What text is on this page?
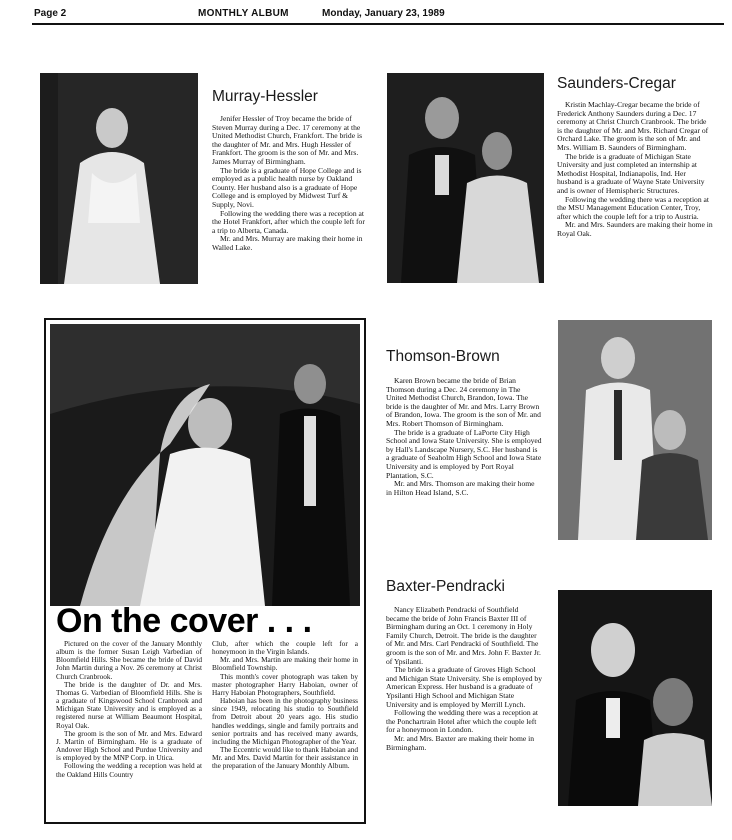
Page 2	MONTHLY ALBUM	Monday, January 23, 1989
Murray-Hessler

Jenifer Hessler of Troy became the bride of Steven Murray during a Dec. 17 ceremony at the United Methodist Church, Frankfort. The bride is the daughter of Mr. and Mrs. Hugh Hessler of Frankfort. The groom is the son of Mr. and Mrs. James Murray of Birmingham.

The bride is a graduate of Hope College and is employed as a public health nurse by Oakland County. Her husband also is a graduate of Hope College and is employed by Midwest Turf & Supply, Novi.

Following the wedding there was a reception at the Hotel Frankfort, after which the couple left for a trip to Alberta, Canada.

Mr. and Mrs. Murray are making their home in Walled Lake.

Saunders-Cregar

Kristin Machlay-Cregar became the bride of Frederick Anthony Saunders during a Dec. 17 ceremony at Christ Church Cranbrook. The bride is the daughter of Mr. and Mrs. Richard Cregar of Orchard Lake. The groom is the son of Mr. and Mrs. William B. Saunders of Birmingham.

The bride is a graduate of Michigan State University and just completed an internship at Methodist Hospital, Indianapolis, Ind. Her husband is a graduate of Wayne State University and is owner of Hemispheric Structures.

Following the wedding there was a reception at the MSU Management Education Center, Troy, after which the couple left for a trip to Austria.

Mr. and Mrs. Saunders are making their home in Royal Oak.

On the cover . . .

Pictured on the cover of the January Monthly album is the former Susan Leigh Varbedian of Bloomfield Hills. She became the bride of David John Martin during a Nov. 26 ceremony at Christ Church Cranbrook.

The bride is the daughter of Dr. and Mrs. Thomas G. Varbedian of Bloomfield Hills. She is a graduate of Kingswood School Cranbrook and Michigan State University and is employed as a registered nurse at William Beaumont Hospital, Royal Oak.

The groom is the son of Mr. and Mrs. Edward J. Martin of Birmingham. He is a graduate of Andover High School and Purdue University and is employed by the MNP Corp. in Utica.

Following the wedding a reception was held at the Oakland Hills Country

Club, after which the couple left for a honeymoon in the Virgin Islands.

Mr. and Mrs. Martin are making their home in Bloomfield Township.

This month's cover photograph was taken by master photographer Harry Haboian, owner of Harry Haboian Photographers, Southfield.

Haboian has been in the photography business since 1949, relocating his studio to Southfield from Detroit about 20 years ago. His studio handles weddings, single and family portraits and senior portraits and has received many awards, including the Michigan Photographer of the Year.

The Eccentric would like to thank Haboian and Mr. and Mrs. David Martin for their assistance in the preparation of the January Monthly Album.

Thomson-Brown

Karen Brown became the bride of Brian Thomson during a Dec. 24 ceremony in The United Methodist Church, Brandon, Iowa. The bride is the daughter of Mr. and Mrs. Larry Brown of Brandon, Iowa. The groom is the son of Mr. and Mrs. Robert Thomson of Birmingham.

The bride is a graduate of LaPorte City High School and Iowa State University. She is employed by Hall's Landscape Nursery, S.C. Her husband is a graduate of Seaholm High School and Iowa State University and is employed by Port Royal Plantation, S.C.

Mr. and Mrs. Thomson are making their home in Hilton Head Island, S.C.

Baxter-Pendracki

Nancy Elizabeth Pendracki of Southfield became the bride of John Francis Baxter III of Birmingham during an Oct. 1 ceremony in Holy Family Church, Detroit. The bride is the daughter of Mr. and Mrs. Carl Pendracki of Southfield. The groom is the son of Mr. and Mrs. John F. Baxter Jr. of Ypsilanti.

The bride is a graduate of Groves High School and Michigan State University. She is employed by American Express. Her husband is a graduate of Ypsilanti High School and Michigan State University and is employed by Merrill Lynch.

Following the wedding there was a reception at the Ponchartrain Hotel after which the couple left for a honeymoon in London.

Mr. and Mrs. Baxter are making their home in Birmingham.
